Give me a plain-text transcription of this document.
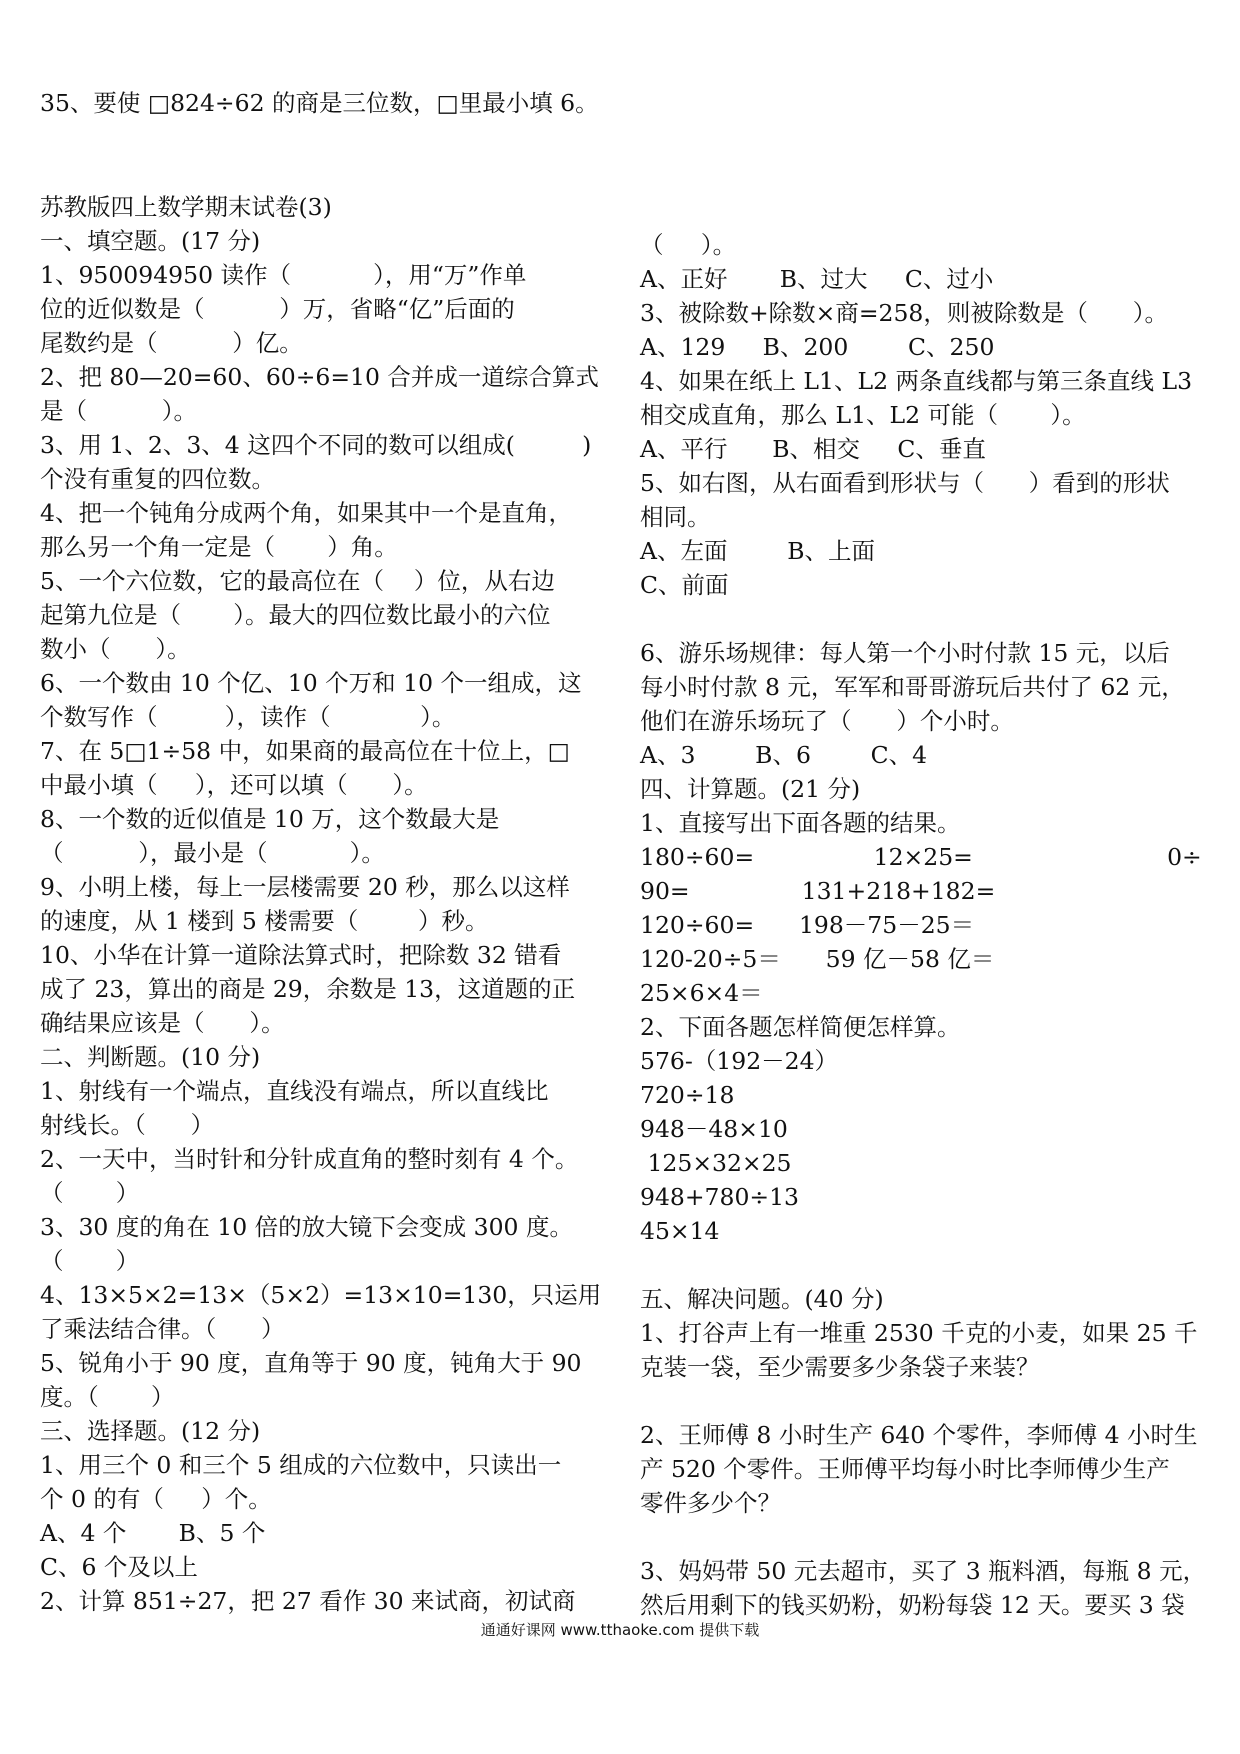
35、要使 □824÷62 的商是三位数，□里最小填 6。
苏教版四上数学期末试卷(3)
一、填空题。(17 分)
1、950094950 读作（           ），用“万”作单
位的近似数是（          ）万，省略“亿”后面的
尾数约是（          ）亿。
2、把 80—20=60、60÷6=10 合并成一道综合算式
是（          ）。
3、用 1、2、3、4 这四个不同的数可以组成(         )
个没有重复的四位数。
4、把一个钝角分成两个角，如果其中一个是直角，
那么另一个角一定是（       ）角。
5、一个六位数，它的最高位在（    ）位，从右边
起第九位是（       ）。最大的四位数比最小的六位
数小（      ）。
6、一个数由 10 个亿、10 个万和 10 个一组成，这
个数写作（         ），读作（            ）。
7、在 5□1÷58 中，如果商的最高位在十位上，□
中最小填（     ），还可以填（      ）。
8、一个数的近似值是 10 万，这个数最大是
（          ），最小是（           ）。
9、小明上楼，每上一层楼需要 20 秒，那么以这样
的速度，从 1 楼到 5 楼需要（        ）秒。
10、小华在计算一道除法算式时，把除数 32 错看
成了 23，算出的商是 29，余数是 13，这道题的正
确结果应该是（      ）。
二、判断题。(10 分)
1、射线有一个端点，直线没有端点，所以直线比
射线长。（      ）
2、一天中，当时针和分针成直角的整时刻有 4 个。
（       ）
3、30 度的角在 10 倍的放大镜下会变成 300 度。
（       ）
4、13×5×2=13×（5×2）=13×10=130，只运用
了乘法结合律。（      ）
5、锐角小于 90 度，直角等于 90 度，钝角大于 90
度。（       ）
三、选择题。(12 分)
1、用三个 0 和三个 5 组成的六位数中，只读出一
个 0 的有（     ）个。
A、4 个       B、5 个
C、6 个及以上
2、计算 851÷27，把 27 看作 30 来试商，初试商
（     ）。
A、正好       B、过大     C、过小
3、被除数+除数×商=258，则被除数是（      ）。
A、129     B、200        C、250
4、如果在纸上 L1、L2 两条直线都与第三条直线 L3
相交成直角，那么 L1、L2 可能（       ）。
A、平行      B、相交     C、垂直
5、如右图，从右面看到形状与（      ）看到的形状
相同。
A、左面        B、上面
C、前面
6、游乐场规律：每人第一个小时付款 15 元，以后
每小时付款 8 元，军军和哥哥游玩后共付了 62 元，
他们在游乐场玩了（      ）个小时。
A、3        B、6        C、4
四、计算题。(21 分)
1、直接写出下面各题的结果。
180÷60=                12×25=                          0÷
90=               131+218+182=
120÷60=      198－75－25＝
120-20÷5＝      59 亿－58 亿＝
25×6×4＝
2、下面各题怎样简便怎样算。
576-（192－24）
720÷18
948－48×10
125×32×25
948+780÷13
45×14
五、解决问题。(40 分)
1、打谷声上有一堆重 2530 千克的小麦，如果 25 千
克装一袋，至少需要多少条袋子来装？
2、王师傅 8 小时生产 640 个零件，李师傅 4 小时生
产 520 个零件。王师傅平均每小时比李师傅少生产
零件多少个？
3、妈妈带 50 元去超市，买了 3 瓶料酒，每瓶 8 元，
然后用剩下的钱买奶粉，奶粉每袋 12 天。要买 3 袋
通通好课网 www.tthaoke.com 提供下载
